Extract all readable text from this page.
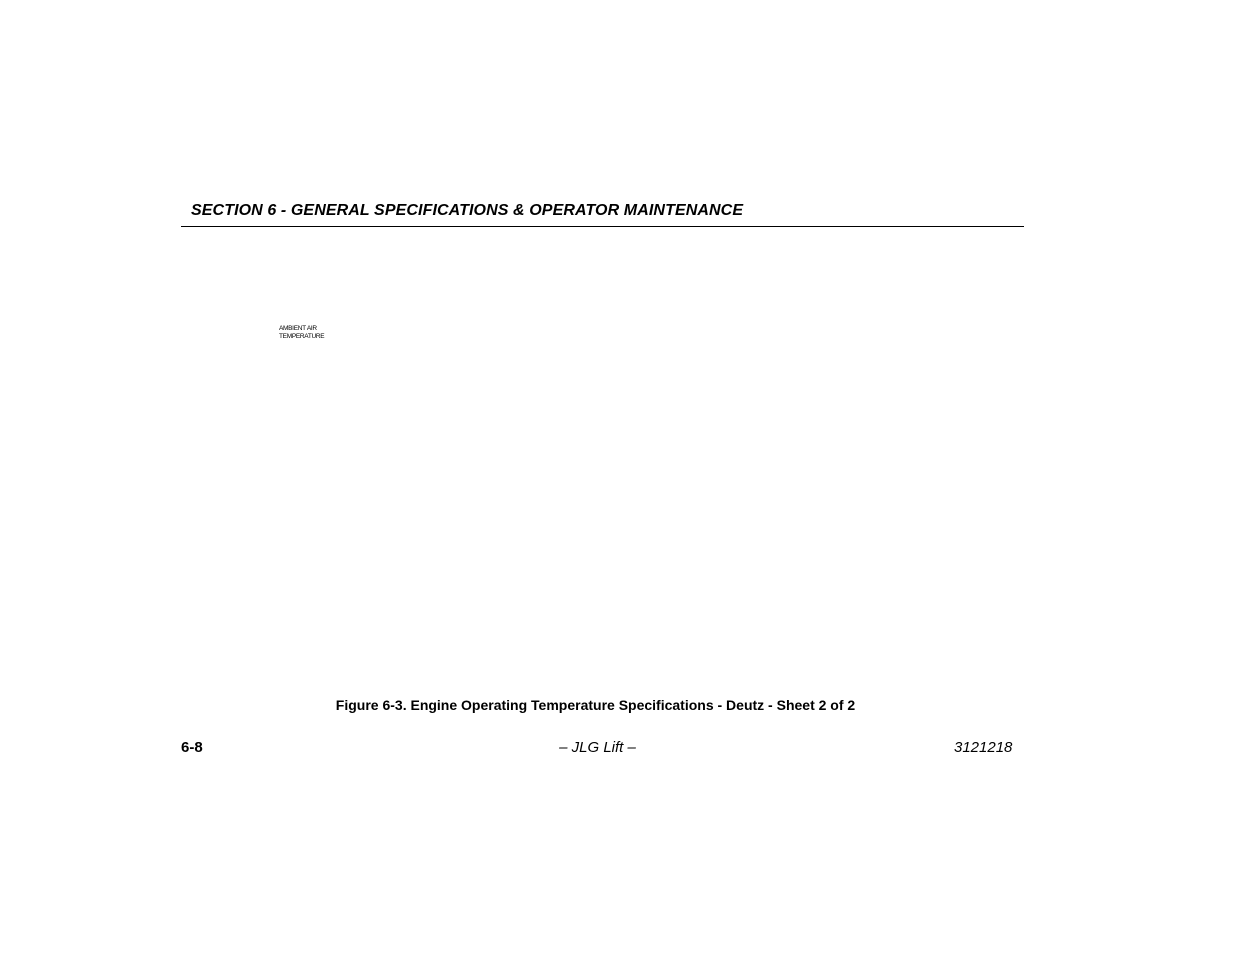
SECTION 6 - GENERAL SPECIFICATIONS & OPERATOR MAINTENANCE
AMBIENT AIR
TEMPERATURE
Figure 6-3. Engine Operating Temperature Specifications - Deutz - Sheet 2 of 2
6-8	– JLG Lift –	3121218
